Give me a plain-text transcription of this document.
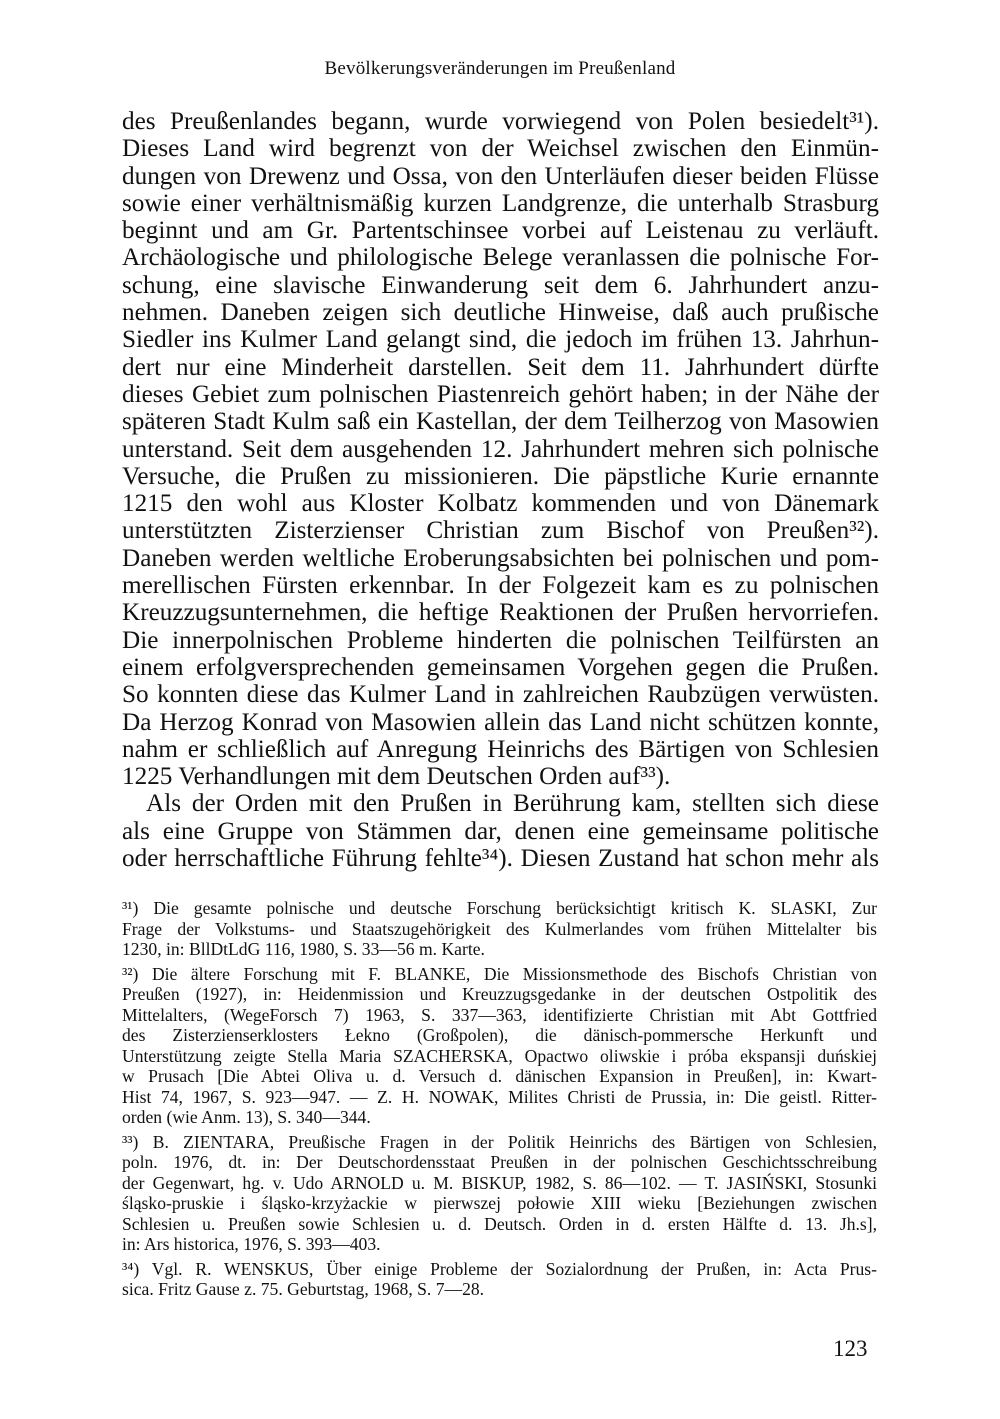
Bevölkerungsveränderungen im Preußenland
des Preußenlandes begann, wurde vorwiegend von Polen besiedelt³¹).
Dieses Land wird begrenzt von der Weichsel zwischen den Einmün-
dungen von Drewenz und Ossa, von den Unterläufen dieser beiden Flüsse
sowie einer verhältnismäßig kurzen Landgrenze, die unterhalb Strasburg
beginnt und am Gr. Partentschinsee vorbei auf Leistenau zu verläuft.
Archäologische und philologische Belege veranlassen die polnische For-
schung, eine slavische Einwanderung seit dem 6. Jahrhundert anzu-
nehmen. Daneben zeigen sich deutliche Hinweise, daß auch prußische
Siedler ins Kulmer Land gelangt sind, die jedoch im frühen 13. Jahrhun-
dert nur eine Minderheit darstellen. Seit dem 11. Jahrhundert dürfte
dieses Gebiet zum polnischen Piastenreich gehört haben; in der Nähe der
späteren Stadt Kulm saß ein Kastellan, der dem Teilherzog von Masowien
unterstand. Seit dem ausgehenden 12. Jahrhundert mehren sich polnische
Versuche, die Prußen zu missionieren. Die päpstliche Kurie ernannte
1215 den wohl aus Kloster Kolbatz kommenden und von Dänemark
unterstützten Zisterzienser Christian zum Bischof von Preußen³²).
Daneben werden weltliche Eroberungsabsichten bei polnischen und pom-
merellischen Fürsten erkennbar. In der Folgezeit kam es zu polnischen
Kreuzzugsunternehmen, die heftige Reaktionen der Prußen hervorriefen.
Die innerpolnischen Probleme hinderten die polnischen Teilfürsten an
einem erfolgversprechenden gemeinsamen Vorgehen gegen die Prußen.
So konnten diese das Kulmer Land in zahlreichen Raubzügen verwüsten.
Da Herzog Konrad von Masowien allein das Land nicht schützen konnte,
nahm er schließlich auf Anregung Heinrichs des Bärtigen von Schlesien
1225 Verhandlungen mit dem Deutschen Orden auf³³).
Als der Orden mit den Prußen in Berührung kam, stellten sich diese
als eine Gruppe von Stämmen dar, denen eine gemeinsame politische
oder herrschaftliche Führung fehlte³⁴). Diesen Zustand hat schon mehr als
³¹) Die gesamte polnische und deutsche Forschung berücksichtigt kritisch K. SLASKI, Zur
Frage der Volkstums- und Staatszugehörigkeit des Kulmerlandes vom frühen Mittelalter bis
1230, in: BllDtLdG 116, 1980, S. 33—56 m. Karte.
³²) Die ältere Forschung mit F. BLANKE, Die Missionsmethode des Bischofs Christian von
Preußen (1927), in: Heidenmission und Kreuzzugsgedanke in der deutschen Ostpolitik des
Mittelalters, (WegeForsch 7) 1963, S. 337—363, identifizierte Christian mit Abt Gottfried
des Zisterzienserklosters Łekno (Großpolen), die dänisch-pommersche Herkunft und
Unterstützung zeigte Stella Maria SZACHERSKA, Opactwo oliwskie i próba ekspansji duńskiej
w Prusach [Die Abtei Oliva u. d. Versuch d. dänischen Expansion in Preußen], in: Kwart-
Hist 74, 1967, S. 923—947. — Z. H. NOWAK, Milites Christi de Prussia, in: Die geistl. Ritter-
orden (wie Anm. 13), S. 340—344.
³³) B. ZIENTARA, Preußische Fragen in der Politik Heinrichs des Bärtigen von Schlesien,
poln. 1976, dt. in: Der Deutschordensstaat Preußen in der polnischen Geschichtsschreibung
der Gegenwart, hg. v. Udo ARNOLD u. M. BISKUP, 1982, S. 86—102. — T. JASIŃSKI, Stosunki
śląsko-pruskie i śląsko-krzyżackie w pierwszej połowie XIII wieku [Beziehungen zwischen
Schlesien u. Preußen sowie Schlesien u. d. Deutsch. Orden in d. ersten Hälfte d. 13. Jh.s],
in: Ars historica, 1976, S. 393—403.
³⁴) Vgl. R. WENSKUS, Über einige Probleme der Sozialordnung der Prußen, in: Acta Prus-
sica. Fritz Gause z. 75. Geburtstag, 1968, S. 7—28.
123
